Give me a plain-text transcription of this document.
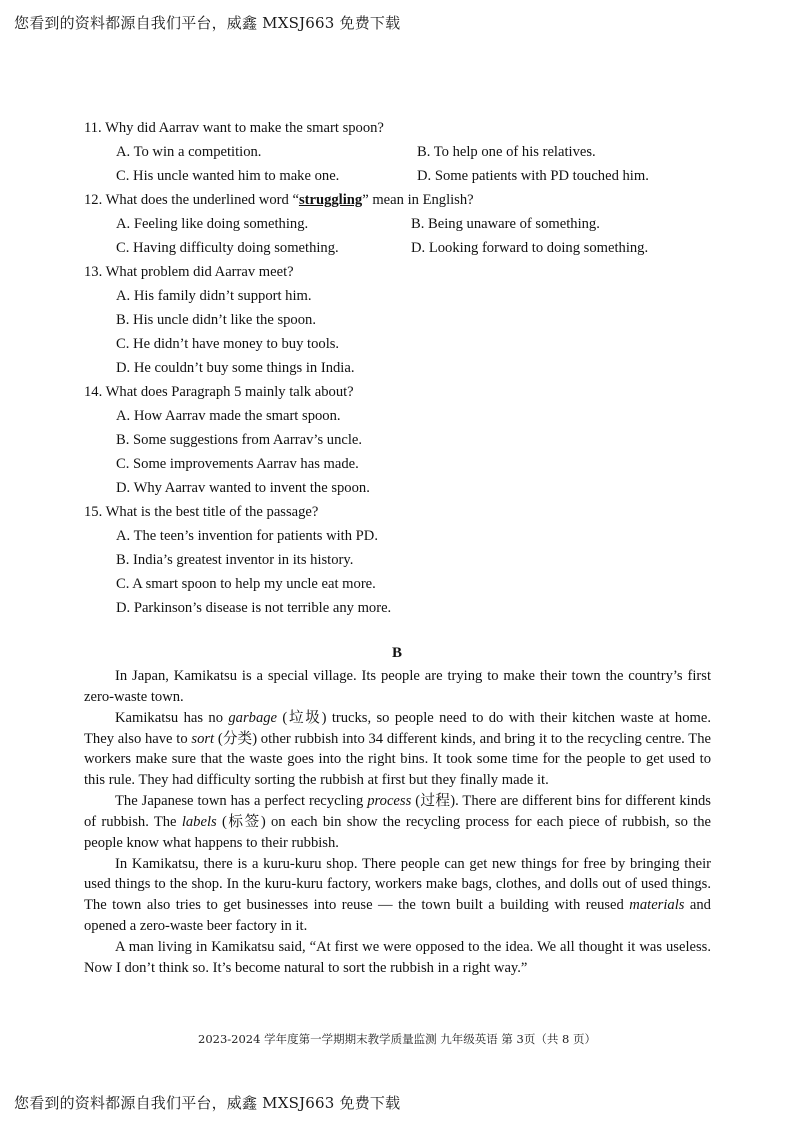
您看到的资料都源自我们平台，威鑫 MXSJ663 免费下载
11. Why did Aarrav want to make the smart spoon?
A. To win a competition.	B. To help one of his relatives.
C. His uncle wanted him to make one.	D. Some patients with PD touched him.
12. What does the underlined word “struggling” mean in English?
A. Feeling like doing something.	B. Being unaware of something.
C. Having difficulty doing something.	D. Looking forward to doing something.
13. What problem did Aarrav meet?
A. His family didn’t support him.
B. His uncle didn’t like the spoon.
C. He didn’t have money to buy tools.
D. He couldn’t buy some things in India.
14. What does Paragraph 5 mainly talk about?
A. How Aarrav made the smart spoon.
B. Some suggestions from Aarrav’s uncle.
C. Some improvements Aarrav has made.
D. Why Aarrav wanted to invent the spoon.
15. What is the best title of the passage?
A. The teen’s invention for patients with PD.
B. India’s greatest inventor in its history.
C. A smart spoon to help my uncle eat more.
D. Parkinson’s disease is not terrible any more.
B

In Japan, Kamikatsu is a special village. Its people are trying to make their town the country’s first zero-waste town.

Kamikatsu has no garbage (垃圾) trucks, so people need to do with their kitchen waste at home. They also have to sort (分类) other rubbish into 34 different kinds, and bring it to the recycling centre. The workers make sure that the waste goes into the right bins. It took some time for the people to get used to this rule. They had difficulty sorting the rubbish at first but they finally made it.

The Japanese town has a perfect recycling process (过程). There are different bins for different kinds of rubbish. The labels (标签) on each bin show the recycling process for each piece of rubbish, so the people know what happens to their rubbish.

In Kamikatsu, there is a kuru-kuru shop. There people can get new things for free by bringing their used things to the shop. In the kuru-kuru factory, workers make bags, clothes, and dolls out of used things. The town also tries to get businesses into reuse — the town built a building with reused materials and opened a zero-waste beer factory in it.

A man living in Kamikatsu said, “At first we were opposed to the idea. We all thought it was useless. Now I don’t think so. It’s become natural to sort the rubbish in a right way.”

2023-2024 学年度第一学期期末教学质量监测 九年级英语 第 3页（共 8 页）
您看到的资料都源自我们平台，威鑫 MXSJ663 免费下载
